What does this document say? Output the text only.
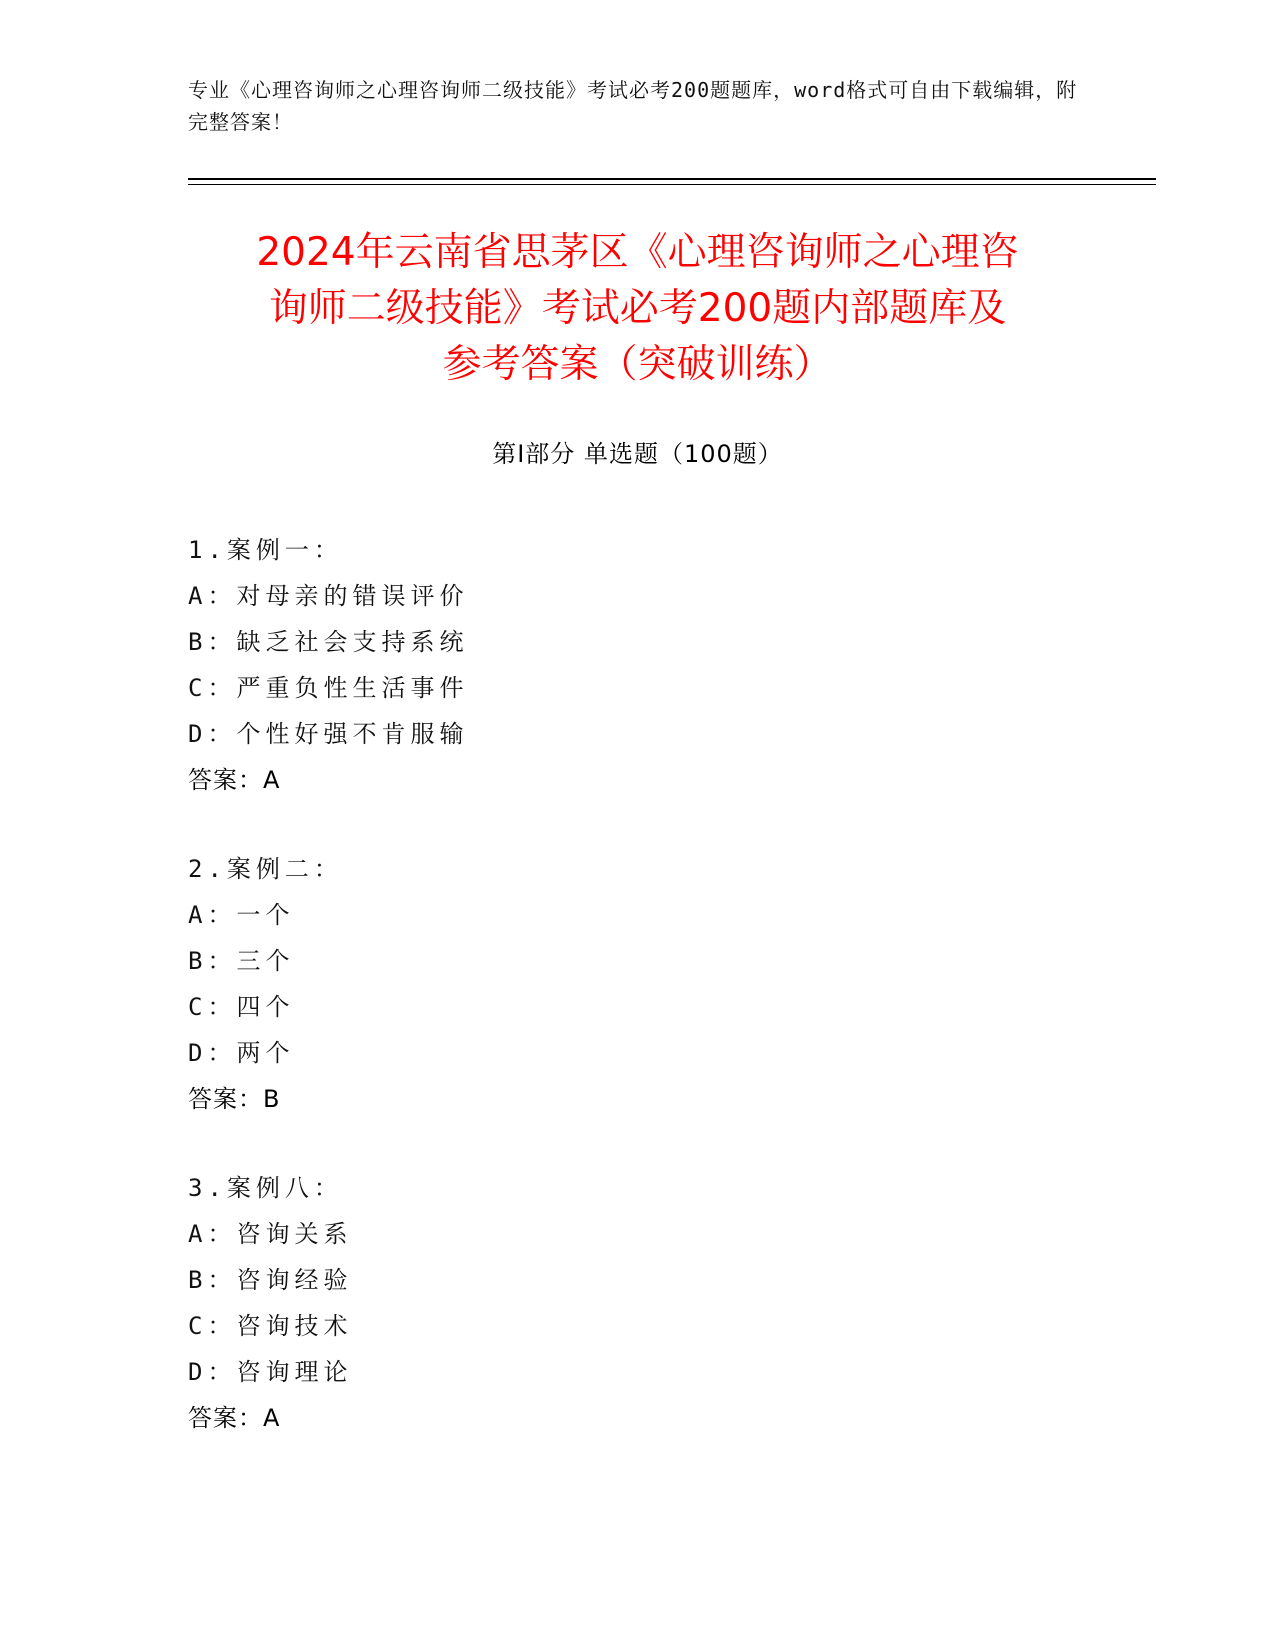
专业《心理咨询师之心理咨询师二级技能》考试必考200题题库，word格式可自由下载编辑，附完整答案！
2024年云南省思茅区《心理咨询师之心理咨
询师二级技能》考试必考200题内部题库及
参考答案（突破训练）
第Ⅰ部分 单选题（100题）
1.案例一：
A：对母亲的错误评价
B：缺乏社会支持系统
C：严重负性生活事件
D：个性好强不肯服输
答案：A
2.案例二：
A：一个
B：三个
C：四个
D：两个
答案：B
3.案例八：
A：咨询关系
B：咨询经验
C：咨询技术
D：咨询理论
答案：A
